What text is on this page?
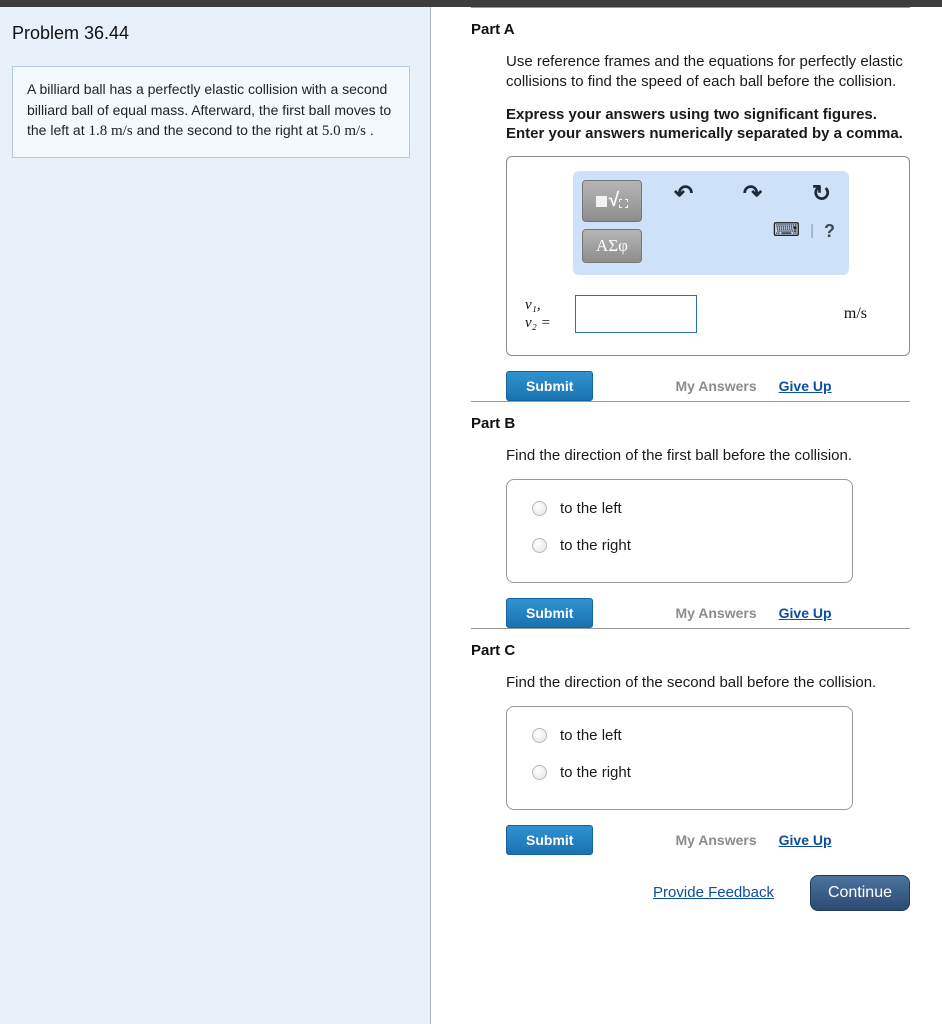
Problem 36.44
A billiard ball has a perfectly elastic collision with a second billiard ball of equal mass. Afterward, the first ball moves to the left at 1.8 m/s and the second to the right at 5.0 m/s .
Part A

Use reference frames and the equations for perfectly elastic collisions to find the speed of each ball before the collision.

Express your answers using two significant figures. Enter your answers numerically separated by a comma.

√
ΑΣφ
↶ ↷ ↻
⌨ | ?
v₁,
v₂ =
m/s
Submit	My Answers Give Up
Part B

Find the direction of the first ball before the collision.

to the left
to the right
Submit	My Answers Give Up
Part C

Find the direction of the second ball before the collision.

to the left
to the right
Submit	My Answers Give Up
Provide Feedback	Continue
